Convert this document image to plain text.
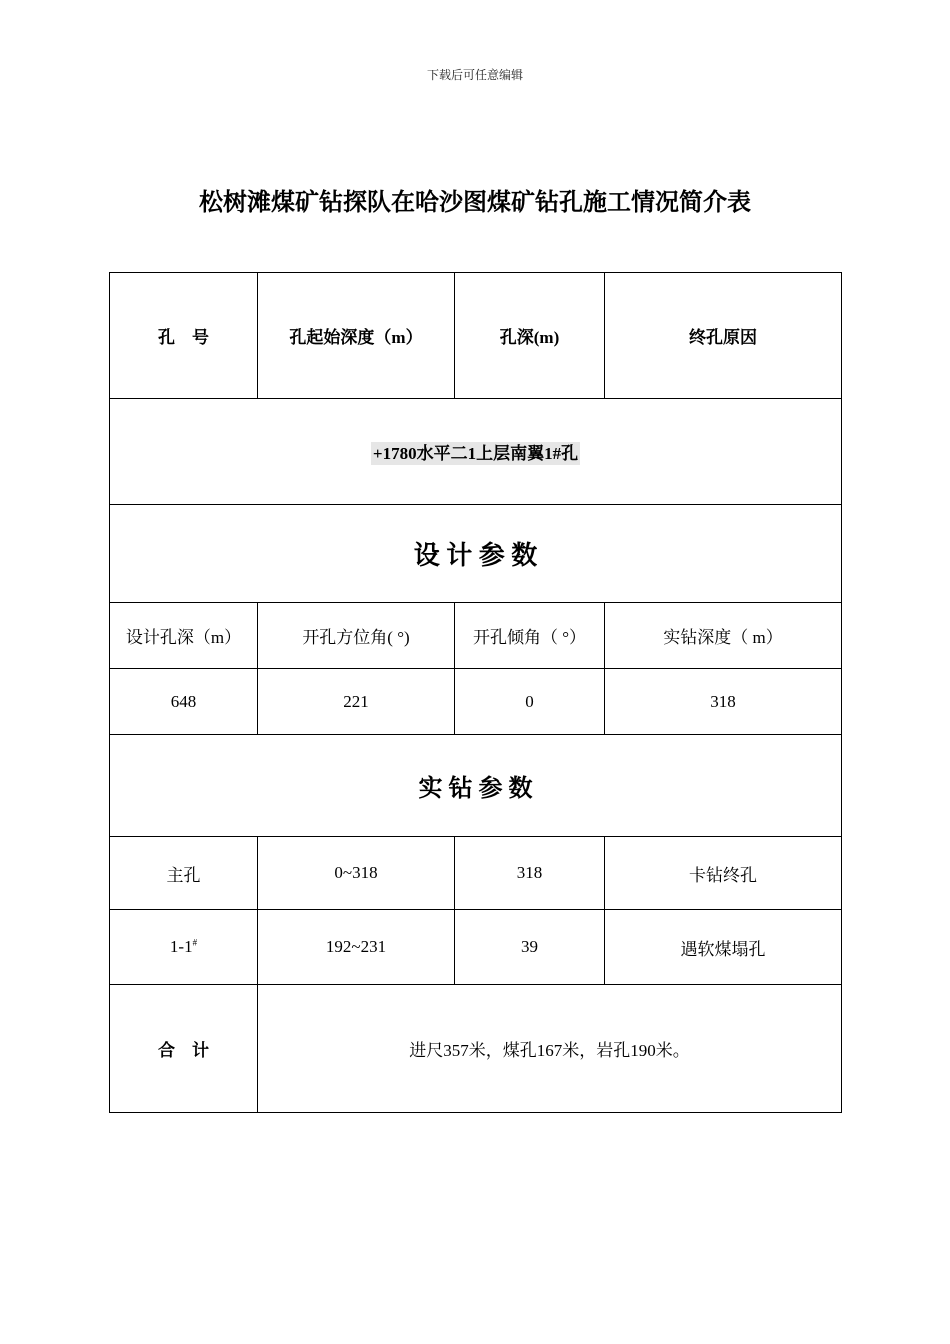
下载后可任意编辑
松树滩煤矿钻探队在哈沙图煤矿钻孔施工情况简介表
孔　号	孔起始深度（m）	孔深(m)	终孔原因
+1780水平二1上层南翼1#孔			
设 计 参 数			
设计孔深（m）	开孔方位角( °)	开孔倾角（ °）	实钻深度（ m）
648	221	0	318
实 钻 参 数			
主孔	0~318	318	卡钻终孔
1-1#	192~231	39	遇软煤塌孔
合　计	进尺357米，煤孔167米，岩孔190米。		
